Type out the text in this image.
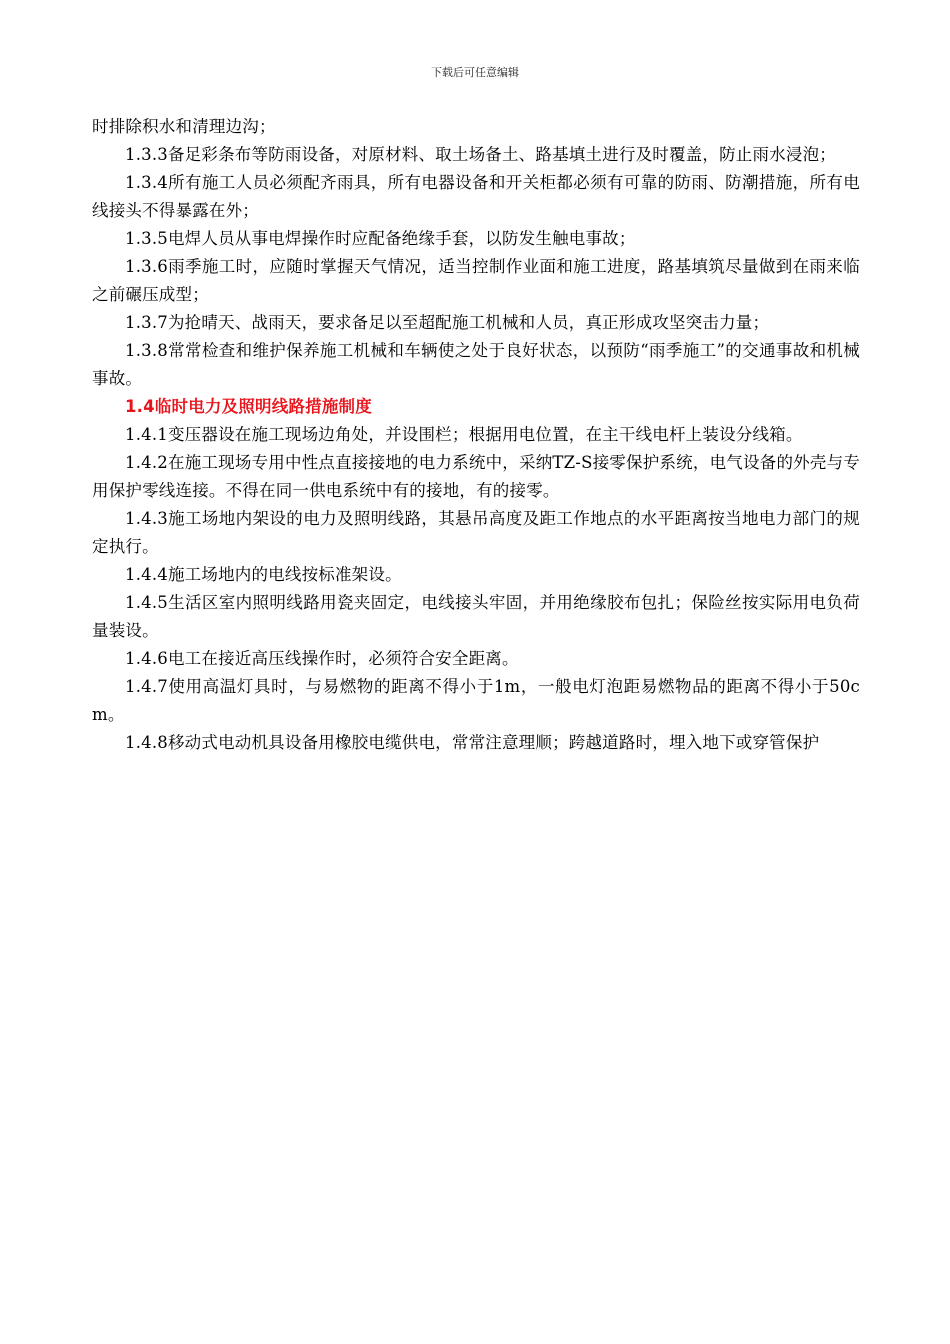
下载后可任意编辑

时排除积水和清理边沟；

1.3.3备足彩条布等防雨设备，对原材料、取土场备土、路基填土进行及时覆盖，防止雨水浸泡；

1.3.4所有施工人员必须配齐雨具，所有电器设备和开关柜都必须有可靠的防雨、防潮措施，所有电线接头不得暴露在外；

1.3.5电焊人员从事电焊操作时应配备绝缘手套，以防发生触电事故；

1.3.6雨季施工时，应随时掌握天气情况，适当控制作业面和施工进度，路基填筑尽量做到在雨来临之前碾压成型；

1.3.7为抢晴天、战雨天，要求备足以至超配施工机械和人员，真正形成攻坚突击力量；

1.3.8常常检查和维护保养施工机械和车辆使之处于良好状态，以预防“雨季施工”的交通事故和机械事故。

1.4临时电力及照明线路措施制度

1.4.1变压器设在施工现场边角处，并设围栏；根据用电位置，在主干线电杆上装设分线箱。

1.4.2在施工现场专用中性点直接接地的电力系统中，采纳TZ-S接零保护系统，电气设备的外壳与专用保护零线连接。不得在同一供电系统中有的接地，有的接零。

1.4.3施工场地内架设的电力及照明线路，其悬吊高度及距工作地点的水平距离按当地电力部门的规定执行。

1.4.4施工场地内的电线按标准架设。

1.4.5生活区室内照明线路用瓷夹固定，电线接头牢固，并用绝缘胶布包扎；保险丝按实际用电负荷量装设。

1.4.6电工在接近高压线操作时，必须符合安全距离。

1.4.7使用高温灯具时，与易燃物的距离不得小于1m，一般电灯泡距易燃物品的距离不得小于50cm。

1.4.8移动式电动机具设备用橡胶电缆供电，常常注意理顺；跨越道路时，埋入地下或穿管保护
